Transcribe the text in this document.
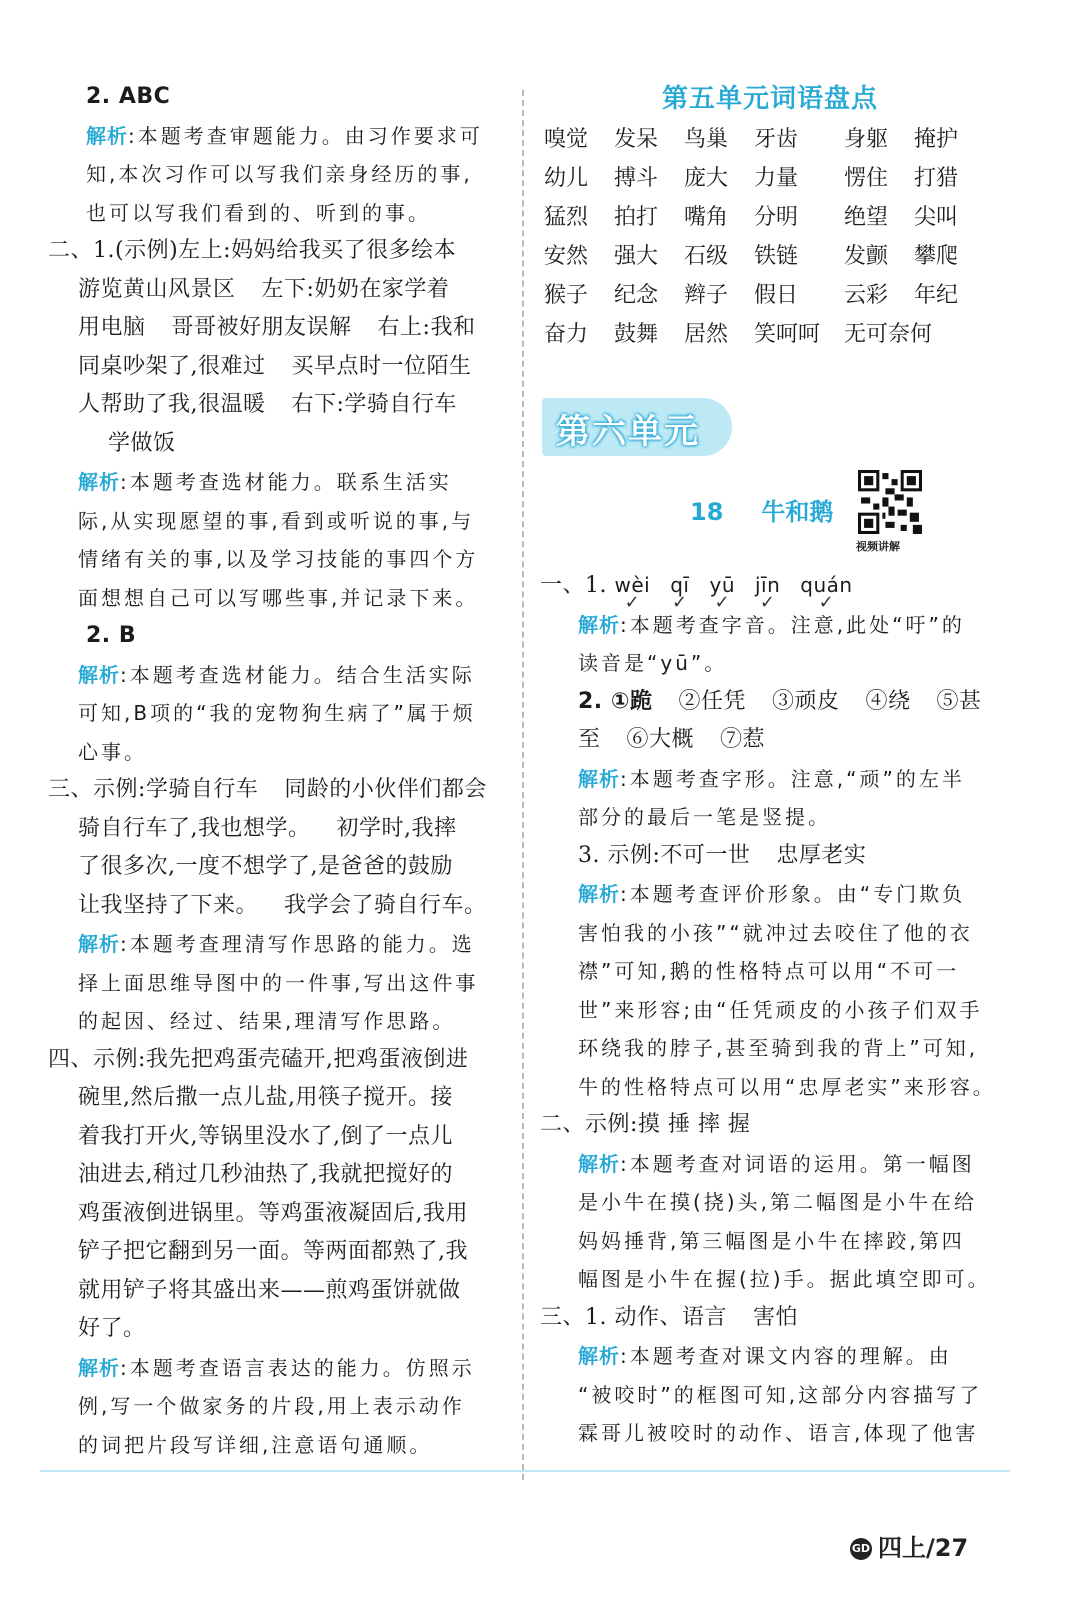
2. ABC

解析:本题考查审题能力。由习作要求可

知,本次习作可以写我们亲身经历的事,

也可以写我们看到的、听到的事。

二、1.(示例)左上:妈妈给我买了很多绘本

游览黄山风景区 左下:奶奶在家学着

用电脑 哥哥被好朋友误解 右上:我和

同桌吵架了,很难过 买早点时一位陌生

人帮助了我,很温暖 右下:学骑自行车

学做饭

解析:本题考查选材能力。联系生活实

际,从实现愿望的事,看到或听说的事,与

情绪有关的事,以及学习技能的事四个方

面想想自己可以写哪些事,并记录下来。

2. B

解析:本题考查选材能力。结合生活实际

可知,B项的“我的宠物狗生病了”属于烦

心事。

三、示例:学骑自行车 同龄的小伙伴们都会

骑自行车了,我也想学。 初学时,我摔

了很多次,一度不想学了,是爸爸的鼓励

让我坚持了下来。 我学会了骑自行车。

解析:本题考查理清写作思路的能力。选

择上面思维导图中的一件事,写出这件事

的起因、经过、结果,理清写作思路。

四、示例:我先把鸡蛋壳磕开,把鸡蛋液倒进

碗里,然后撒一点儿盐,用筷子搅开。接

着我打开火,等锅里没水了,倒了一点儿

油进去,稍过几秒油热了,我就把搅好的

鸡蛋液倒进锅里。等鸡蛋液凝固后,我用

铲子把它翻到另一面。等两面都熟了,我

就用铲子将其盛出来——煎鸡蛋饼就做

好了。

解析:本题考查语言表达的能力。仿照示

例,写一个做家务的片段,用上表示动作

的词把片段写详细,注意语句通顺。

第五单元词语盘点
嗅觉	发呆	鸟巢	牙齿	身躯	掩护
幼儿	搏斗	庞大	力量	愣住	打猎
猛烈	拍打	嘴角	分明	绝望	尖叫
安然	强大	石级	铁链	发颤	攀爬
猴子	纪念	辫子	假日	云彩	年纪
奋力	鼓舞	居然	笑呵呵	无可奈何
第六单元
18 牛和鹅
视频讲解

一、1. wèi ✓ qī ✓ yū ✓ jīn ✓ quán ✓

解析:本题考查字音。注意,此处“吁”的

读音是“yū”。

2. ①跪 ②任凭 ③顽皮 ④绕 ⑤甚

至 ⑥大概 ⑦惹

解析:本题考查字形。注意,“顽”的左半

部分的最后一笔是竖提。

3. 示例:不可一世 忠厚老实

解析:本题考查评价形象。由“专门欺负

害怕我的小孩”“就冲过去咬住了他的衣

襟”可知,鹅的性格特点可以用“不可一

世”来形容;由“任凭顽皮的小孩子们双手

环绕我的脖子,甚至骑到我的背上”可知,

牛的性格特点可以用“忠厚老实”来形容。

二、示例:摸 捶 摔 握

解析:本题考查对词语的运用。第一幅图

是小牛在摸(挠)头,第二幅图是小牛在给

妈妈捶背,第三幅图是小牛在摔跤,第四

幅图是小牛在握(拉)手。据此填空即可。

三、1. 动作、语言 害怕

解析:本题考查对课文内容的理解。由

“被咬时”的框图可知,这部分内容描写了

霖哥儿被咬时的动作、语言,体现了他害

GD 四上/27
